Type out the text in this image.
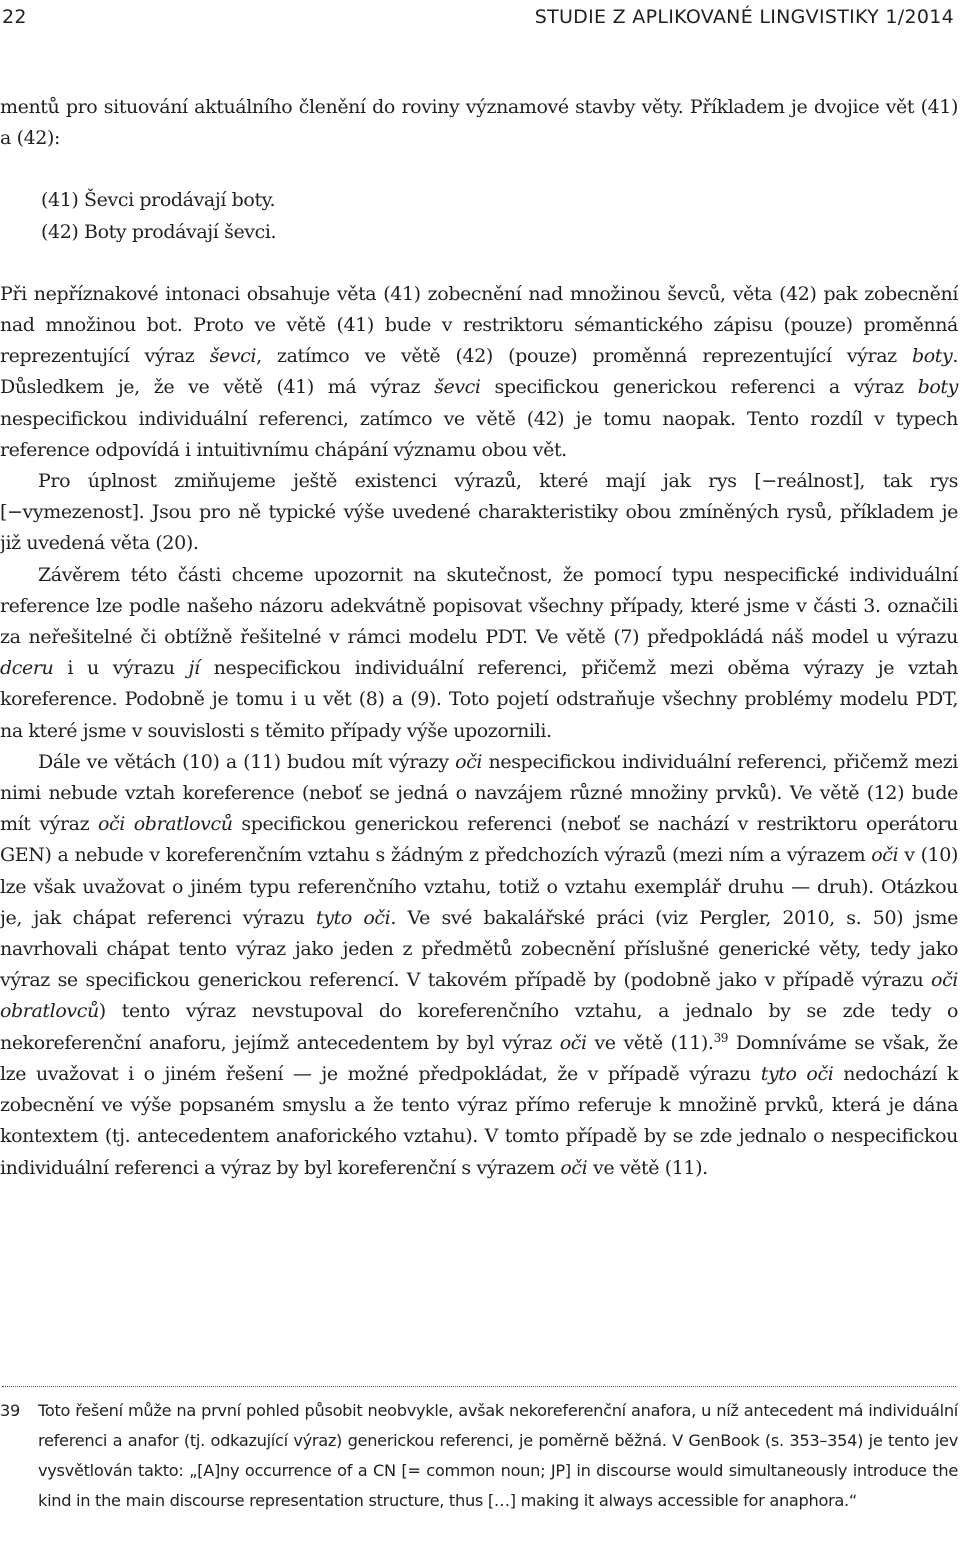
22	STUDIE Z APLIKOVANÉ LINGVISTIKY 1/2014

mentů pro situování aktuálního členění do roviny významové stavby věty. Příkladem je dvojice vět (41) a (42):

(41) Ševci prodávají boty.
(42) Boty prodávají ševci.

Při nepříznakové intonaci obsahuje věta (41) zobecnění nad množinou ševců, věta (42) pak zobecnění nad množinou bot. Proto ve větě (41) bude v restriktoru sémantického zápisu (pouze) proměnná reprezentující výraz ševci, zatímco ve větě (42) (pouze) proměnná reprezentující výraz boty. Důsledkem je, že ve větě (41) má výraz ševci specifickou generickou referenci a výraz boty nespecifickou individuální referenci, zatímco ve větě (42) je tomu naopak. Tento rozdíl v typech reference odpovídá i intuitivnímu chápání významu obou vět.

Pro úplnost zmiňujeme ještě existenci výrazů, které mají jak rys [−reálnost], tak rys [−vymezenost]. Jsou pro ně typické výše uvedené charakteristiky obou zmíněných rysů, příkladem je již uvedená věta (20).

Závěrem této části chceme upozornit na skutečnost, že pomocí typu nespecifické individuální reference lze podle našeho názoru adekvátně popisovat všechny případy, které jsme v části 3. označili za neřešitelné či obtížně řešitelné v rámci modelu PDT. Ve větě (7) předpokládá náš model u výrazu dceru i u výrazu jí nespecifickou individuální referenci, přičemž mezi oběma výrazy je vztah koreference. Podobně je tomu i u vět (8) a (9). Toto pojetí odstraňuje všechny problémy modelu PDT, na které jsme v souvislosti s těmito případy výše upozornili.

Dále ve větách (10) a (11) budou mít výrazy oči nespecifickou individuální referenci, přičemž mezi nimi nebude vztah koreference (neboť se jedná o navzájem různé množiny prvků). Ve větě (12) bude mít výraz oči obratlovců specifickou generickou referenci (neboť se nachází v restriktoru operátoru GEN) a nebude v koreferenčním vztahu s žádným z předchozích výrazů (mezi ním a výrazem oči v (10) lze však uvažovat o jiném typu referenčního vztahu, totiž o vztahu exemplář druhu — druh). Otázkou je, jak chápat referenci výrazu tyto oči. Ve své bakalářské práci (viz Pergler, 2010, s. 50) jsme navrhovali chápat tento výraz jako jeden z předmětů zobecnění příslušné generické věty, tedy jako výraz se specifickou generickou referencí. V takovém případě by (podobně jako v případě výrazu oči obratlovců) tento výraz nevstupoval do koreferenčního vztahu, a jednalo by se zde tedy o nekoreferenční anaforu, jejímž antecedentem by byl výraz oči ve větě (11).$^{39}$ Domníváme se však, že lze uvažovat i o jiném řešení — je možné předpokládat, že v případě výrazu tyto oči nedochází k zobecnění ve výše popsaném smyslu a že tento výraz přímo referuje k množině prvků, která je dána kontextem (tj. antecedentem anaforického vztahu). V tomto případě by se zde jednalo o nespecifickou individuální referenci a výraz by byl koreferenční s výrazem oči ve větě (11).

39	Toto řešení může na první pohled působit neobvykle, avšak nekoreferenční anafora, u níž antecedent má individuální referenci a anafor (tj. odkazující výraz) generickou referenci, je poměrně běžná. V GenBook (s. 353–354) je tento jev vysvětlován takto: „[A]ny occurrence of a CN [= common noun; JP] in discourse would simultaneously introduce the kind in the main discourse representation structure, thus […] making it always accessible for anaphora.“
